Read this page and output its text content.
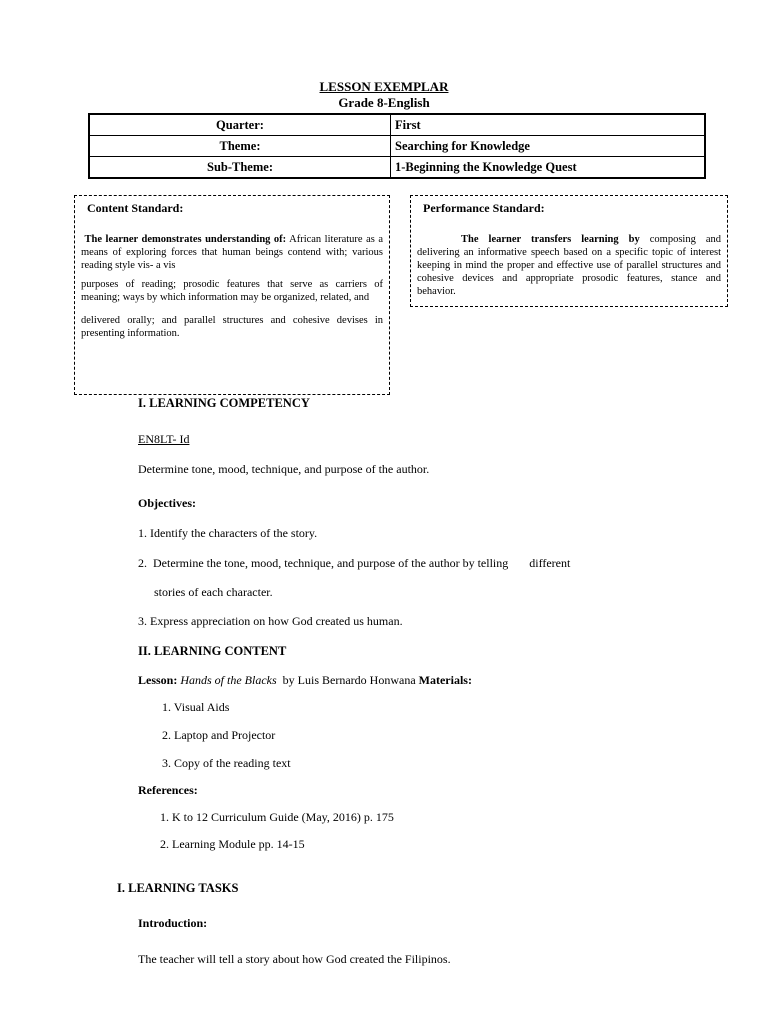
LESSON EXEMPLAR
Grade 8-English
Quarter:	First
Theme:	Searching for Knowledge
Sub-Theme:	1-Beginning the Knowledge Quest
Content Standard:

The learner demonstrates understanding of: African literature as a means of exploring forces that human beings contend with; various reading style vis- a vis

purposes of reading; prosodic features that serve as carriers of meaning; ways by which information may be organized, related, and

delivered orally; and parallel structures and cohesive devises in presenting information.

Performance Standard:

The learner transfers learning by composing and delivering an informative speech based on a specific topic of interest keeping in mind the proper and effective use of parallel structures and cohesive devices and appropriate prosodic features, stance and behavior.

I. LEARNING COMPETENCY
EN8LT- Id
Determine tone, mood, technique, and purpose of the author.
Objectives:
1. Identify the characters of the story.
2.  Determine the tone, mood, technique, and purpose of the author by telling       different
stories of each character.
3. Express appreciation on how God created us human.
II. LEARNING CONTENT
Lesson: Hands of the Blacks  by Luis Bernardo Honwana Materials:
1. Visual Aids
2. Laptop and Projector
3. Copy of the reading text
References:
1. K to 12 Curriculum Guide (May, 2016) p. 175
2. Learning Module pp. 14-15
I. LEARNING TASKS
Introduction:
The teacher will tell a story about how God created the Filipinos.
